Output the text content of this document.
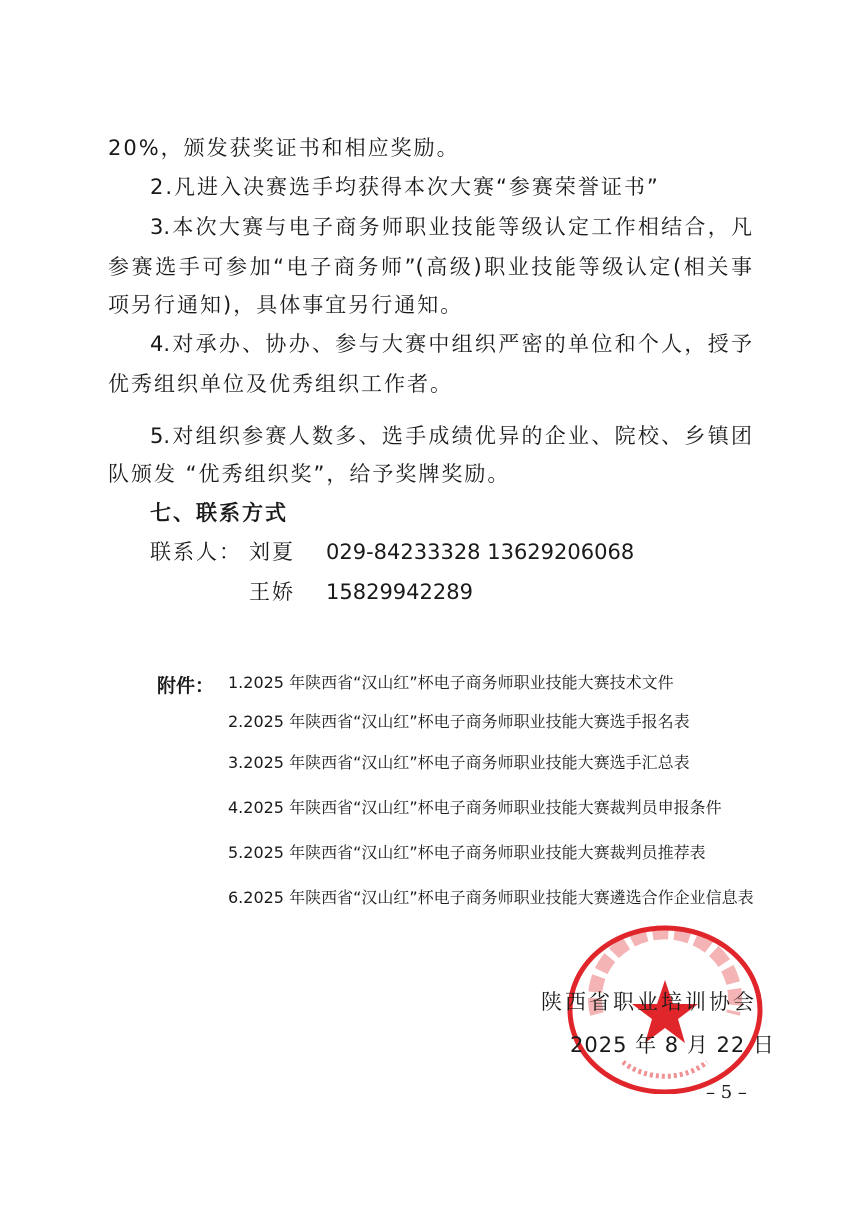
20%，颁发获奖证书和相应奖励。
2.凡进入决赛选手均获得本次大赛“参赛荣誉证书”
3.本次大赛与电子商务师职业技能等级认定工作相结合，凡
参赛选手可参加“电子商务师”(高级)职业技能等级认定(相关事
项另行通知)，具体事宜另行通知。
4.对承办、协办、参与大赛中组织严密的单位和个人，授予
优秀组织单位及优秀组织工作者。
5.对组织参赛人数多、选手成绩优异的企业、院校、乡镇团
队颁发 “优秀组织奖”，给予奖牌奖励。
七、联系方式
联系人： 刘夏 029-84233328 13629206068
王娇 15829942289
附件： 1.2025 年陕西省“汉山红”杯电子商务师职业技能大赛技术文件
2.2025 年陕西省“汉山红”杯电子商务师职业技能大赛选手报名表
3.2025 年陕西省“汉山红”杯电子商务师职业技能大赛选手汇总表
4.2025 年陕西省“汉山红”杯电子商务师职业技能大赛裁判员申报条件
5.2025 年陕西省“汉山红”杯电子商务师职业技能大赛裁判员推荐表
6.2025 年陕西省“汉山红”杯电子商务师职业技能大赛遴选合作企业信息表
陕西省职业培训协会
2025 年 8 月 22 日
– 5 –
